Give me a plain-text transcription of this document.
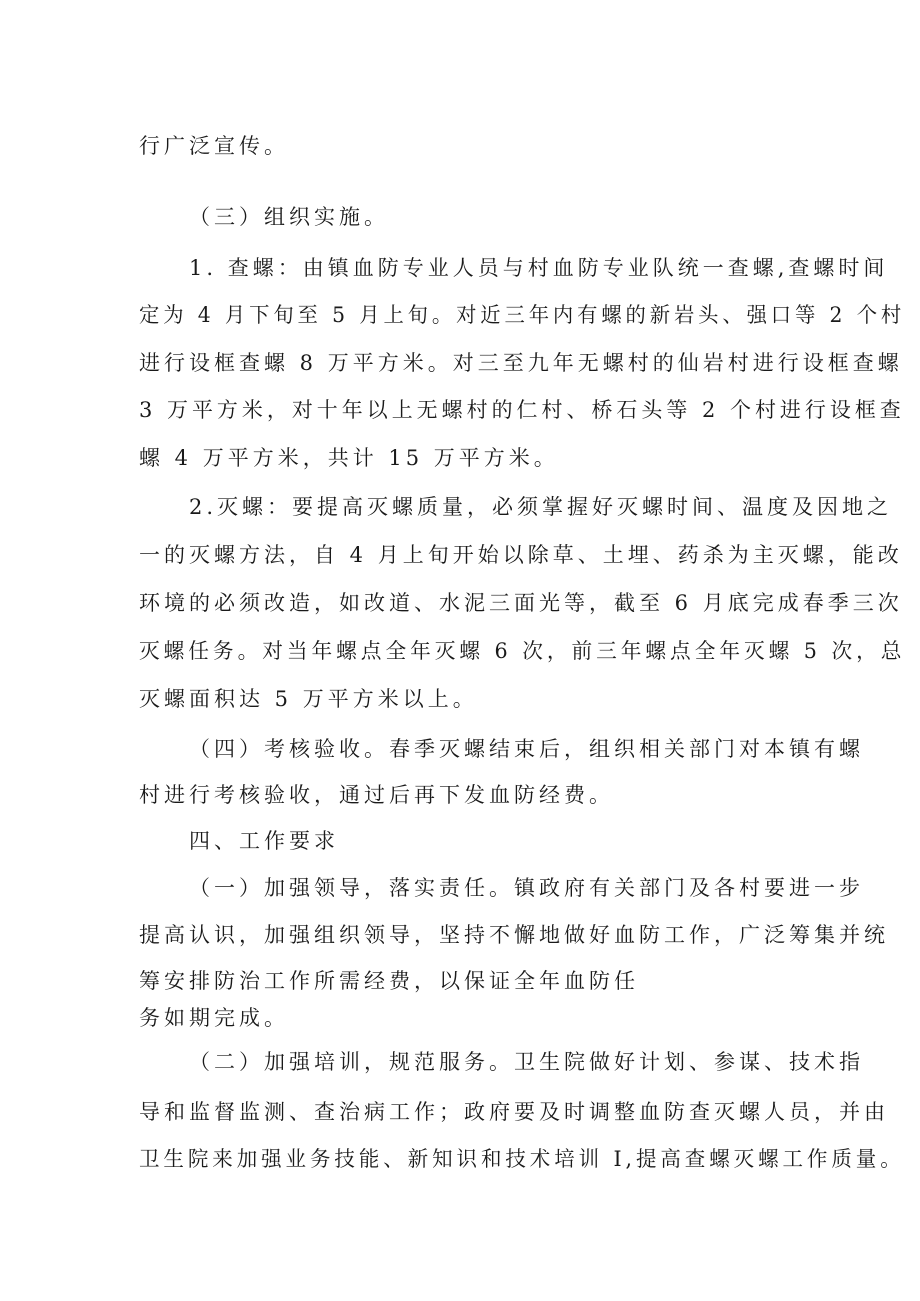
行广泛宣传。
（三）组织实施。
1. 查螺：由镇血防专业人员与村血防专业队统一查螺,查螺时间
定为 4 月下旬至 5 月上旬。对近三年内有螺的新岩头、强口等 2 个村
进行设框查螺 8 万平方米。对三至九年无螺村的仙岩村进行设框查螺
3 万平方米，对十年以上无螺村的仁村、桥石头等 2 个村进行设框查
螺 4 万平方米，共计 15 万平方米。
2.灭螺：要提高灭螺质量，必须掌握好灭螺时间、温度及因地之
一的灭螺方法，自 4 月上旬开始以除草、土埋、药杀为主灭螺，能改
环境的必须改造，如改道、水泥三面光等，截至 6 月底完成春季三次
灭螺任务。对当年螺点全年灭螺 6 次，前三年螺点全年灭螺 5 次，总
灭螺面积达 5 万平方米以上。
（四）考核验收。春季灭螺结束后，组织相关部门对本镇有螺
村进行考核验收，通过后再下发血防经费。
四、工作要求
（一）加强领导，落实责任。镇政府有关部门及各村要进一步
提高认识，加强组织领导，坚持不懈地做好血防工作，广泛筹集并统
筹安排防治工作所需经费，以保证全年血防任
务如期完成。
（二）加强培训，规范服务。卫生院做好计划、参谋、技术指
导和监督监测、查治病工作；政府要及时调整血防查灭螺人员，并由
卫生院来加强业务技能、新知识和技术培训 I,提高查螺灭螺工作质量。
